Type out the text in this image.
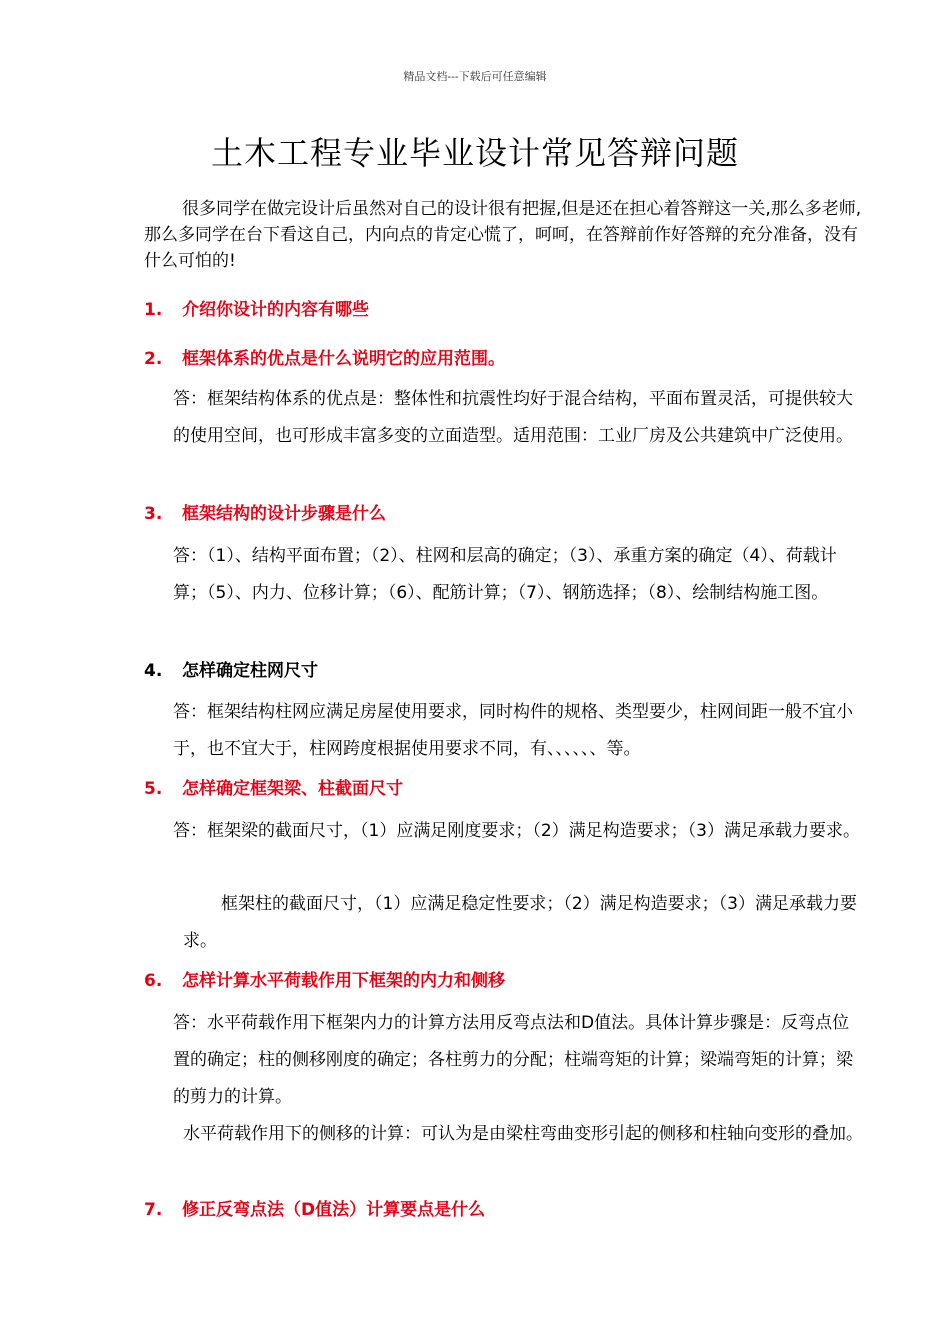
精品文档---下载后可任意编辑
土木工程专业毕业设计常见答辩问题
很多同学在做完设计后虽然对自己的设计很有把握,但是还在担心着答辩这一关,那么多老师,那么多同学在台下看这自己，内向点的肯定心慌了，呵呵，在答辩前作好答辩的充分准备，没有什么可怕的!
1. 介绍你设计的内容有哪些
2. 框架体系的优点是什么说明它的应用范围。
答：框架结构体系的优点是：整体性和抗震性均好于混合结构，平面布置灵活，可提供较大的使用空间，也可形成丰富多变的立面造型。适用范围：工业厂房及公共建筑中广泛使用。
3. 框架结构的设计步骤是什么
答：（1）、结构平面布置；（2）、柱网和层高的确定；（3）、承重方案的确定（4）、荷载计算；（5）、内力、位移计算；（6）、配筋计算；（7）、钢筋选择；（8）、绘制结构施工图。
4. 怎样确定柱网尺寸
答：框架结构柱网应满足房屋使用要求，同时构件的规格、类型要少，柱网间距一般不宜小于，也不宜大于，柱网跨度根据使用要求不同，有、、、、、、等。
5. 怎样确定框架梁、柱截面尺寸
答：框架梁的截面尺寸，（1）应满足刚度要求；（2）满足构造要求；（3）满足承载力要求。
框架柱的截面尺寸，（1）应满足稳定性要求；（2）满足构造要求；（3）满足承载力要求。
6. 怎样计算水平荷载作用下框架的内力和侧移
答：水平荷载作用下框架内力的计算方法用反弯点法和D值法。具体计算步骤是：反弯点位置的确定；柱的侧移刚度的确定；各柱剪力的分配；柱端弯矩的计算；梁端弯矩的计算；梁的剪力的计算。
水平荷载作用下的侧移的计算：可认为是由梁柱弯曲变形引起的侧移和柱轴向变形的叠加。
7. 修正反弯点法（D值法）计算要点是什么
